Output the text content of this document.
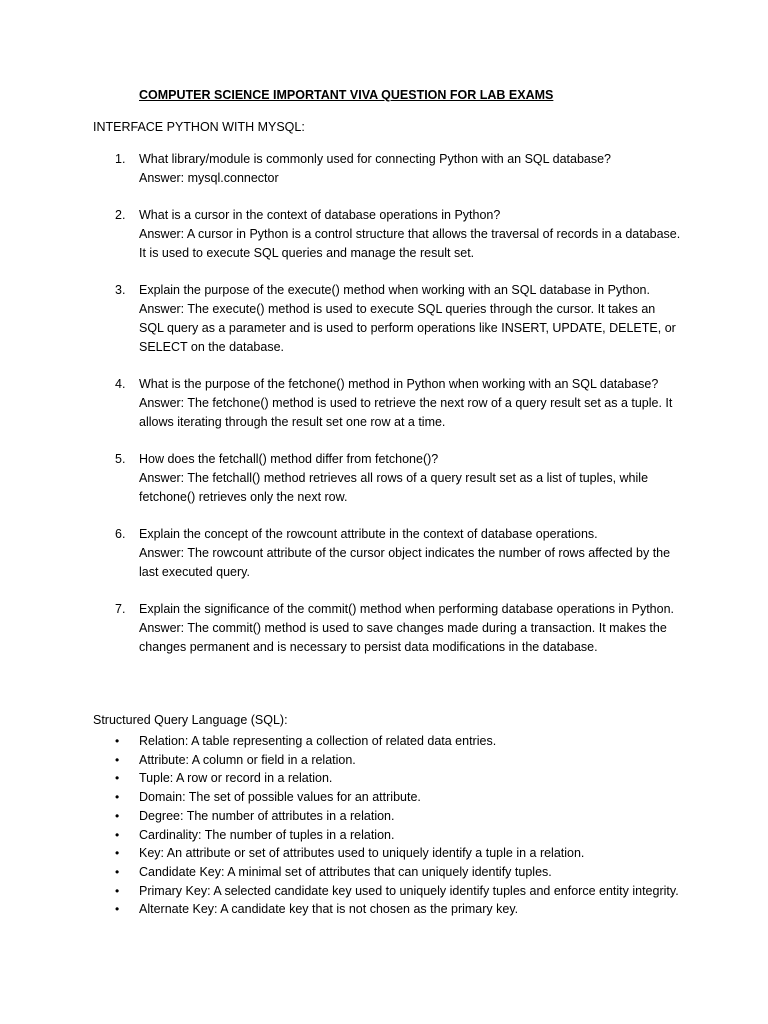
COMPUTER SCIENCE IMPORTANT VIVA QUESTION FOR LAB EXAMS
INTERFACE PYTHON WITH MYSQL:
1. What library/module is commonly used for connecting Python with an SQL database?
Answer: mysql.connector
2. What is a cursor in the context of database operations in Python?
Answer: A cursor in Python is a control structure that allows the traversal of records in a database. It is used to execute SQL queries and manage the result set.
3. Explain the purpose of the execute() method when working with an SQL database in Python.
Answer: The execute() method is used to execute SQL queries through the cursor. It takes an SQL query as a parameter and is used to perform operations like INSERT, UPDATE, DELETE, or SELECT on the database.
4. What is the purpose of the fetchone() method in Python when working with an SQL database?
Answer: The fetchone() method is used to retrieve the next row of a query result set as a tuple. It allows iterating through the result set one row at a time.
5. How does the fetchall() method differ from fetchone()?
Answer: The fetchall() method retrieves all rows of a query result set as a list of tuples, while fetchone() retrieves only the next row.
6. Explain the concept of the rowcount attribute in the context of database operations.
Answer: The rowcount attribute of the cursor object indicates the number of rows affected by the last executed query.
7. Explain the significance of the commit() method when performing database operations in Python.
Answer: The commit() method is used to save changes made during a transaction. It makes the changes permanent and is necessary to persist data modifications in the database.
Structured Query Language (SQL):
• Relation: A table representing a collection of related data entries.
• Attribute: A column or field in a relation.
• Tuple: A row or record in a relation.
• Domain: The set of possible values for an attribute.
• Degree: The number of attributes in a relation.
• Cardinality: The number of tuples in a relation.
• Key: An attribute or set of attributes used to uniquely identify a tuple in a relation.
• Candidate Key: A minimal set of attributes that can uniquely identify tuples.
• Primary Key: A selected candidate key used to uniquely identify tuples and enforce entity integrity.
• Alternate Key: A candidate key that is not chosen as the primary key.
